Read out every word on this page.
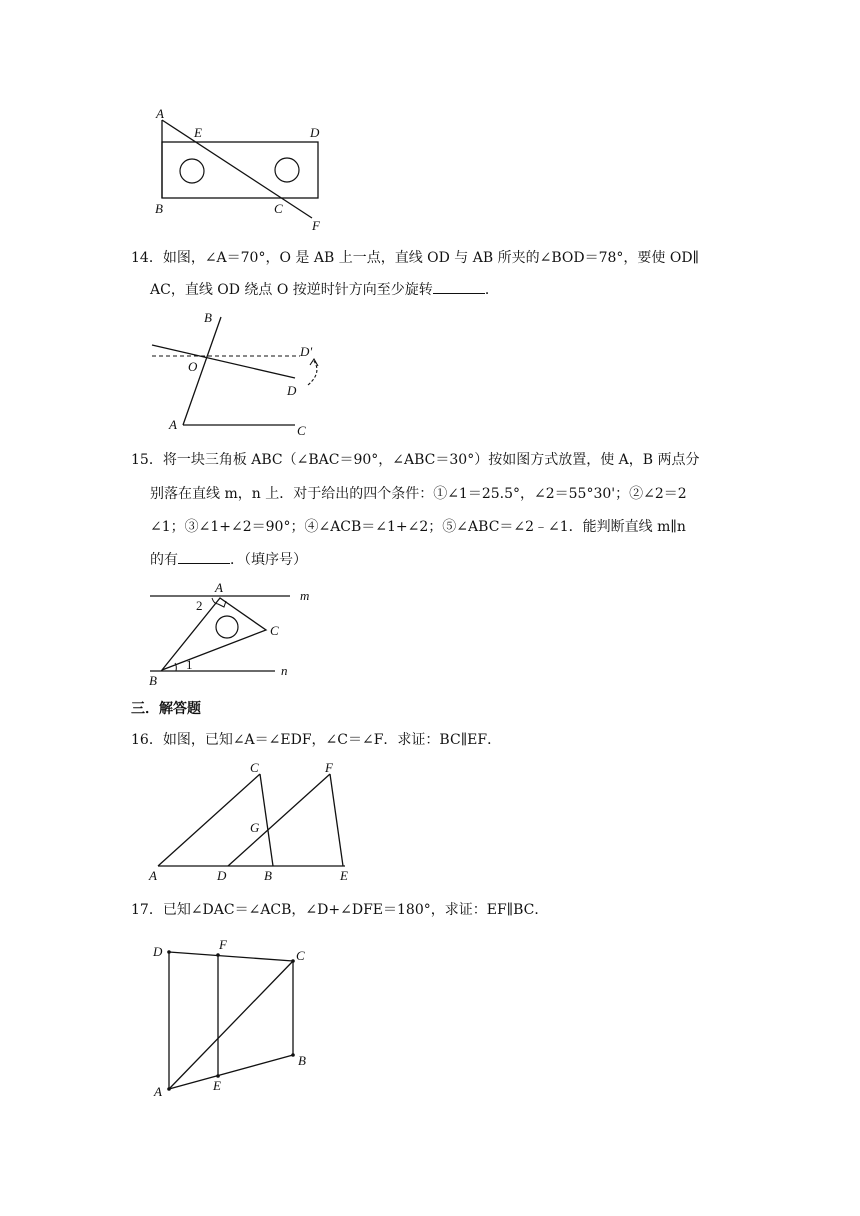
A
E	D
B	C
F
14．如图，∠A＝70°，O 是 AB 上一点，直线 OD 与 AB 所夹的∠BOD＝78°，要使 OD∥
AC，直线 OD 绕点 O 按逆时针方向至少旋转	．
B
D'
O
D
A	C
15．将一块三角板 ABC（∠BAC＝90°，∠ABC＝30°）按如图方式放置，使 A，B 两点分
别落在直线 m，n 上．对于给出的四个条件：①∠1＝25.5°，∠2＝55°30'；②∠2＝2
∠1；③∠1+∠2＝90°；④∠ACB＝∠1+∠2；⑤∠ABC＝∠2﹣∠1．能判断直线 m∥n
的有	．（填序号）
A
m
2
C
1
B
n
三．解答题
16．如图，已知∠A＝∠EDF，∠C＝∠F．求证：BC∥EF．
C	F
G
A	D	B	E
17．已知∠DAC＝∠ACB，∠D+∠DFE＝180°，求证：EF∥BC．
D	F
C
B
A	E
